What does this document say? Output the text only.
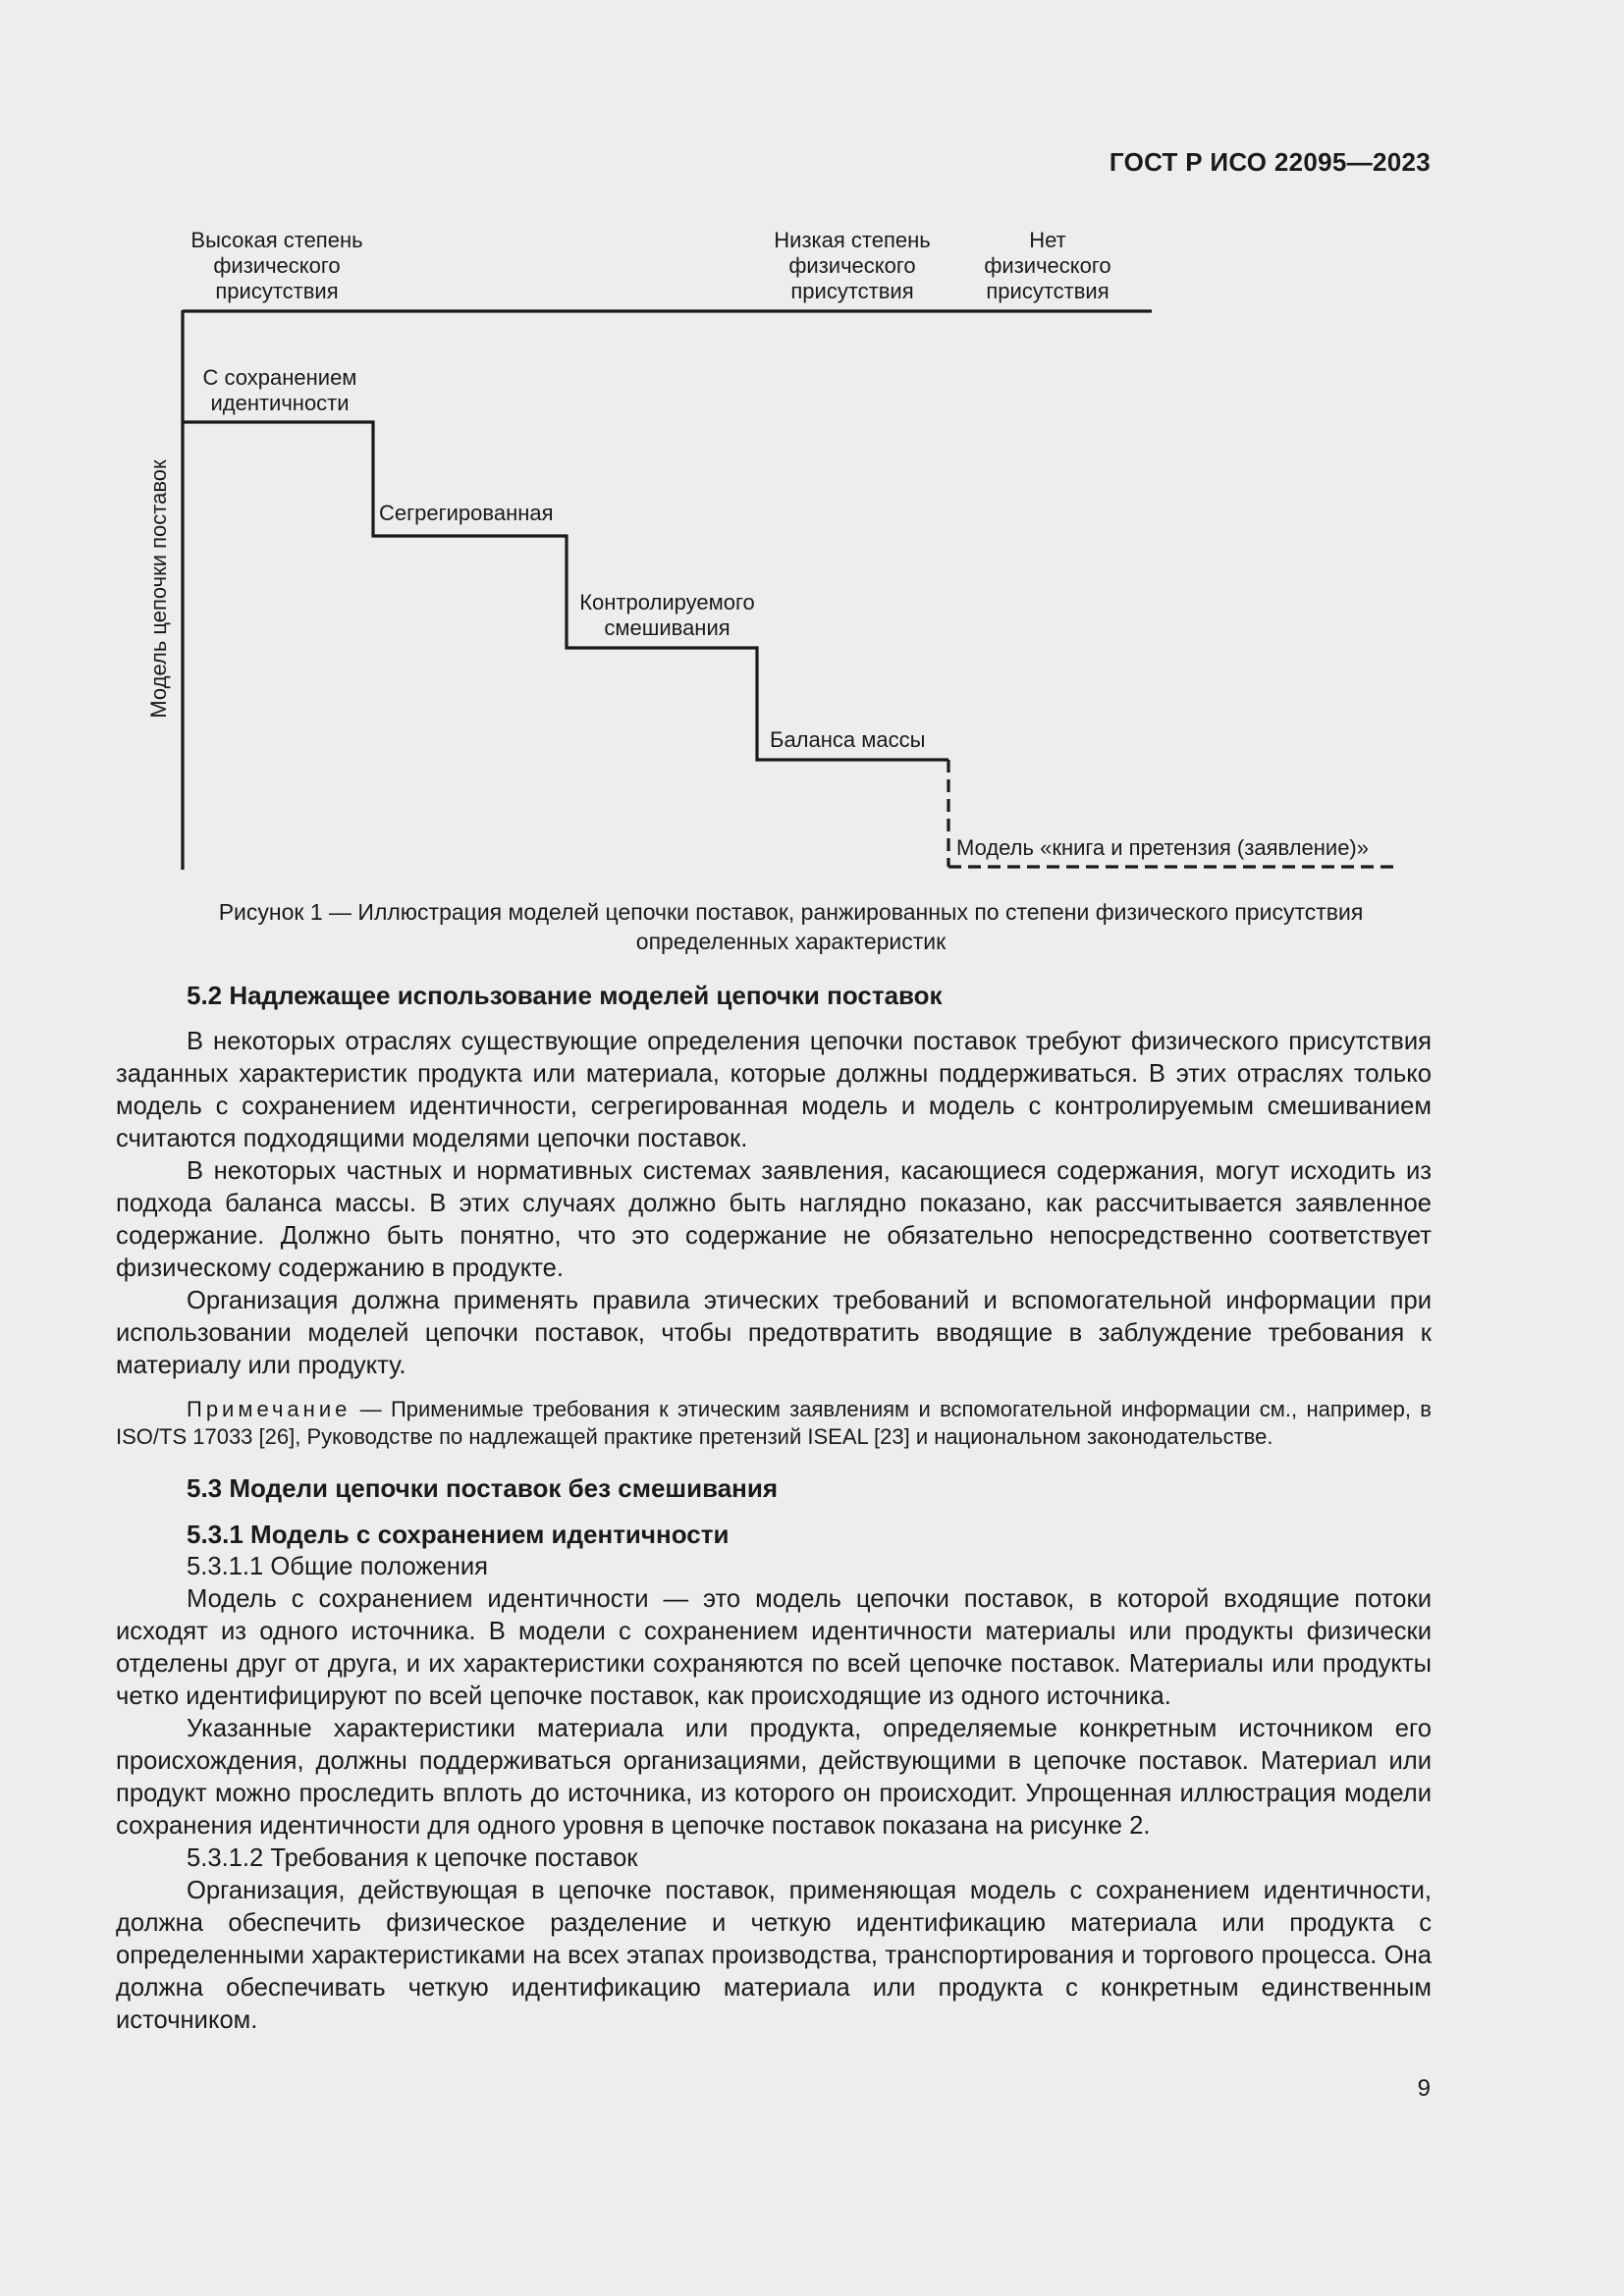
ГОСТ Р ИСО 22095—2023
Высокая степень
физического
присутствия
Низкая степень
физического
присутствия
Нет
физического
присутствия
С сохранением
идентичности
Сегрегированная
Контролируемого
смешивания
Баланса массы
Модель «книга и претензия (заявление)»
Модель цепочки поставок
Рисунок 1 — Иллюстрация моделей цепочки поставок, ранжированных по степени физического присутствия
определенных характеристик
5.2 Надлежащее использование моделей цепочки поставок

В некоторых отраслях существующие определения цепочки поставок требуют физического присутствия заданных характеристик продукта или материала, которые должны поддерживаться. В этих отраслях только модель с сохранением идентичности, сегрегированная модель и модель с контролируемым смешиванием считаются подходящими моделями цепочки поставок.

В некоторых частных и нормативных системах заявления, касающиеся содержания, могут исходить из подхода баланса массы. В этих случаях должно быть наглядно показано, как рассчитывается заявленное содержание. Должно быть понятно, что это содержание не обязательно непосредственно соответствует физическому содержанию в продукте.

Организация должна применять правила этических требований и вспомогательной информации при использовании моделей цепочки поставок, чтобы предотвратить вводящие в заблуждение требования к материалу или продукту.

Примечание — Применимые требования к этическим заявлениям и вспомогательной информации см., например, в ISO/TS 17033 [26], Руководстве по надлежащей практике претензий ISEAL [23] и национальном законодательстве.
5.3 Модели цепочки поставок без смешивания
5.3.1 Модель с сохранением идентичности
5.3.1.1 Общие положения

Модель с сохранением идентичности — это модель цепочки поставок, в которой входящие потоки исходят из одного источника. В модели с сохранением идентичности материалы или продукты физически отделены друг от друга, и их характеристики сохраняются по всей цепочке поставок. Материалы или продукты четко идентифицируют по всей цепочке поставок, как происходящие из одного источника.

Указанные характеристики материала или продукта, определяемые конкретным источником его происхождения, должны поддерживаться организациями, действующими в цепочке поставок. Материал или продукт можно проследить вплоть до источника, из которого он происходит. Упрощенная иллюстрация модели сохранения идентичности для одного уровня в цепочке поставок показана на рисунке 2.

5.3.1.2 Требования к цепочке поставок

Организация, действующая в цепочке поставок, применяющая модель с сохранением идентичности, должна обеспечить физическое разделение и четкую идентификацию материала или продукта с определенными характеристиками на всех этапах производства, транспортирования и торгового процесса. Она должна обеспечивать четкую идентификацию материала или продукта с конкретным единственным источником.

9
